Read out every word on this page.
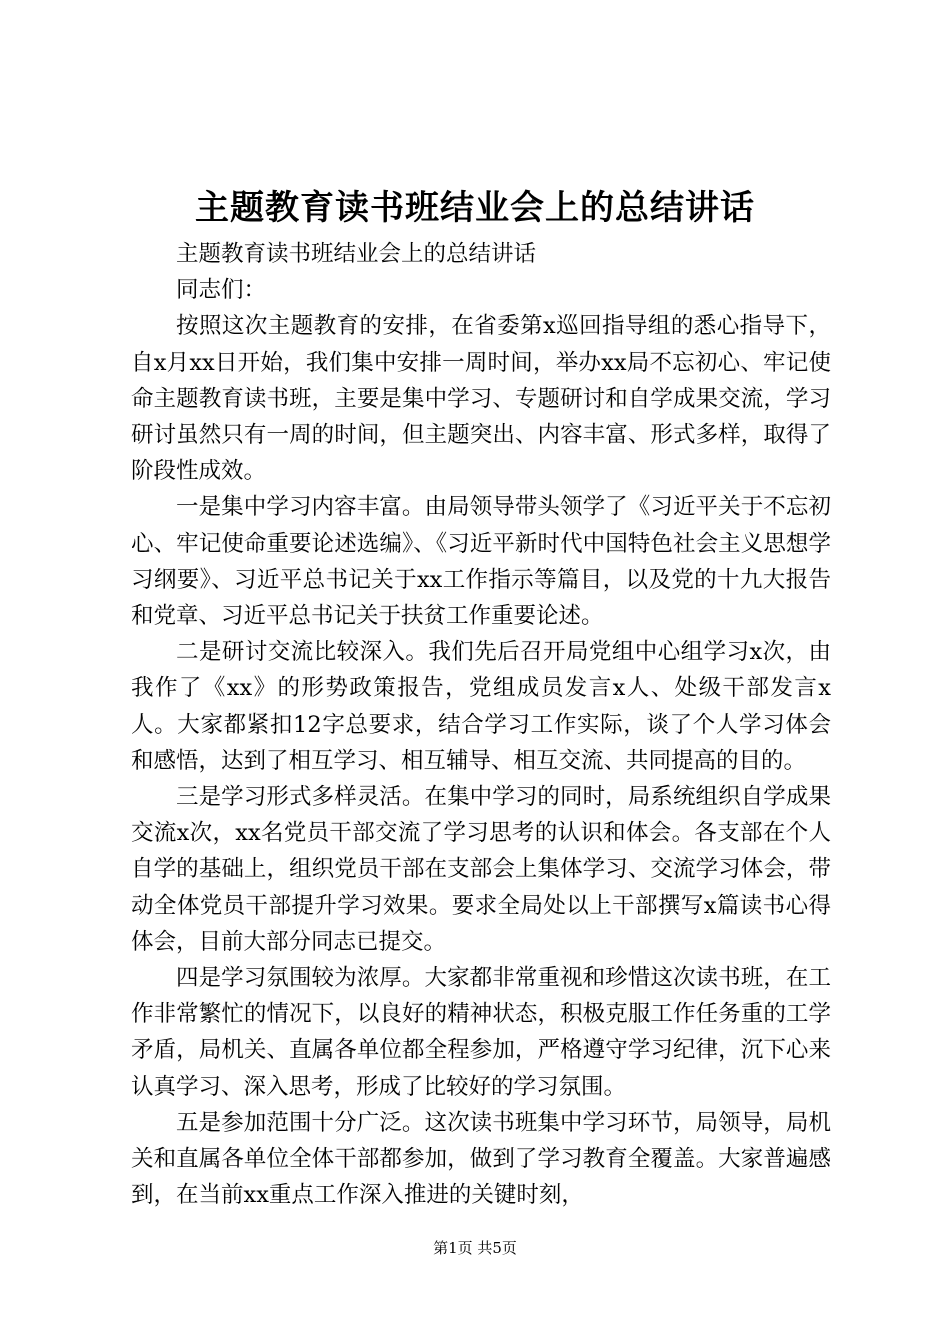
主题教育读书班结业会上的总结讲话

主题教育读书班结业会上的总结讲话

同志们：

按照这次主题教育的安排，在省委第x巡回指导组的悉心指导下，自x月xx日开始，我们集中安排一周时间，举办xx局不忘初心、牢记使命主题教育读书班，主要是集中学习、专题研讨和自学成果交流，学习研讨虽然只有一周的时间，但主题突出、内容丰富、形式多样，取得了阶段性成效。

一是集中学习内容丰富。由局领导带头领学了《习近平关于不忘初心、牢记使命重要论述选编》、《习近平新时代中国特色社会主义思想学习纲要》、习近平总书记关于xx工作指示等篇目，以及党的十九大报告和党章、习近平总书记关于扶贫工作重要论述。

二是研讨交流比较深入。我们先后召开局党组中心组学习x次，由我作了《xx》的形势政策报告，党组成员发言x人、处级干部发言x人。大家都紧扣12字总要求，结合学习工作实际，谈了个人学习体会和感悟，达到了相互学习、相互辅导、相互交流、共同提高的目的。

三是学习形式多样灵活。在集中学习的同时，局系统组织自学成果交流x次，xx名党员干部交流了学习思考的认识和体会。各支部在个人自学的基础上，组织党员干部在支部会上集体学习、交流学习体会，带动全体党员干部提升学习效果。要求全局处以上干部撰写x篇读书心得体会，目前大部分同志已提交。

四是学习氛围较为浓厚。大家都非常重视和珍惜这次读书班，在工作非常繁忙的情况下，以良好的精神状态，积极克服工作任务重的工学矛盾，局机关、直属各单位都全程参加，严格遵守学习纪律，沉下心来认真学习、深入思考，形成了比较好的学习氛围。

五是参加范围十分广泛。这次读书班集中学习环节，局领导，局机关和直属各单位全体干部都参加，做到了学习教育全覆盖。大家普遍感到，在当前xx重点工作深入推进的关键时刻，

第1页 共5页
